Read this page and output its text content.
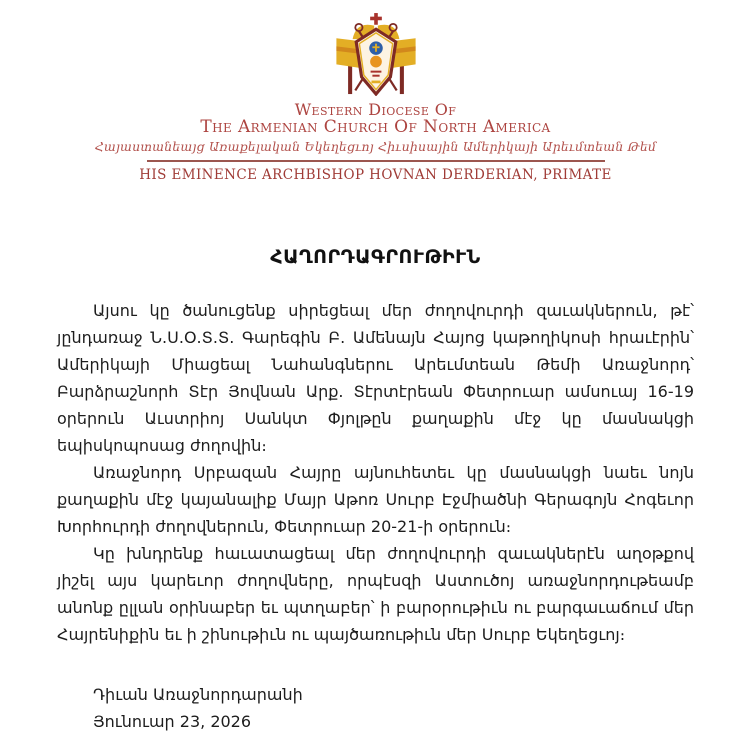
Western Diocese Of
The Armenian Church Of North America
Հայաստանեայց Առաքելական Եկեղեցւոյ Հիւսիսային Ամերիկայի Արեւմտեան Թեմ
HIS EMINENCE ARCHBISHOP HOVNAN DERDERIAN, PRIMATE
ՀԱՂՈՐԴԱԳՐՈՒԹԻՒՆ

Այսու կը ծանուցենք սիրեցեալ մեր ժողովուրդի զաւակներուն, թէ՝ յընդառաջ Ն.Ս.Օ.Տ.Տ. Գարեգին Բ. Ամենայն Հայոց կաթողիկոսի հրաւէրին՝ Ամերիկայի Միացեալ Նահանգներու Արեւմտեան Թեմի Առաջնորդ՝ Բարձրաշնորհ Տէր Յովնան Արք. Տէրտէրեան Փետրուար ամսուայ 16-19 օրերուն Աւստրիոյ Սանկտ Փյոլթըն քաղաքին մէջ կը մասնակցի եպիսկոպոսաց ժողովին։

Առաջնորդ Սրբազան Հայրը այնուհետեւ կը մասնակցի նաեւ նոյն քաղաքին մէջ կայանալիք Մայր Աթոռ Սուրբ Էջմիածնի Գերագոյն Հոգեւոր Խորհուրդի ժողովներուն, Փետրուար 20-21-ի օրերուն։

Կը խնդրենք հաւատացեալ մեր ժողովուրդի զաւակներէն աղօթքով յիշել այս կարեւոր ժողովները, որպէսզի Աստուծոյ առաջնորդութեամբ անոնք ըլլան օրինաբեր եւ պտղաբեր՝ ի բարօրութիւն ու բարգաւաճում մեր Հայրենիքին եւ ի շինութիւն ու պայծառութիւն մեր Սուրբ Եկեղեցւոյ։

Դիւան Առաջնորդարանի
Յունուար 23, 2026
